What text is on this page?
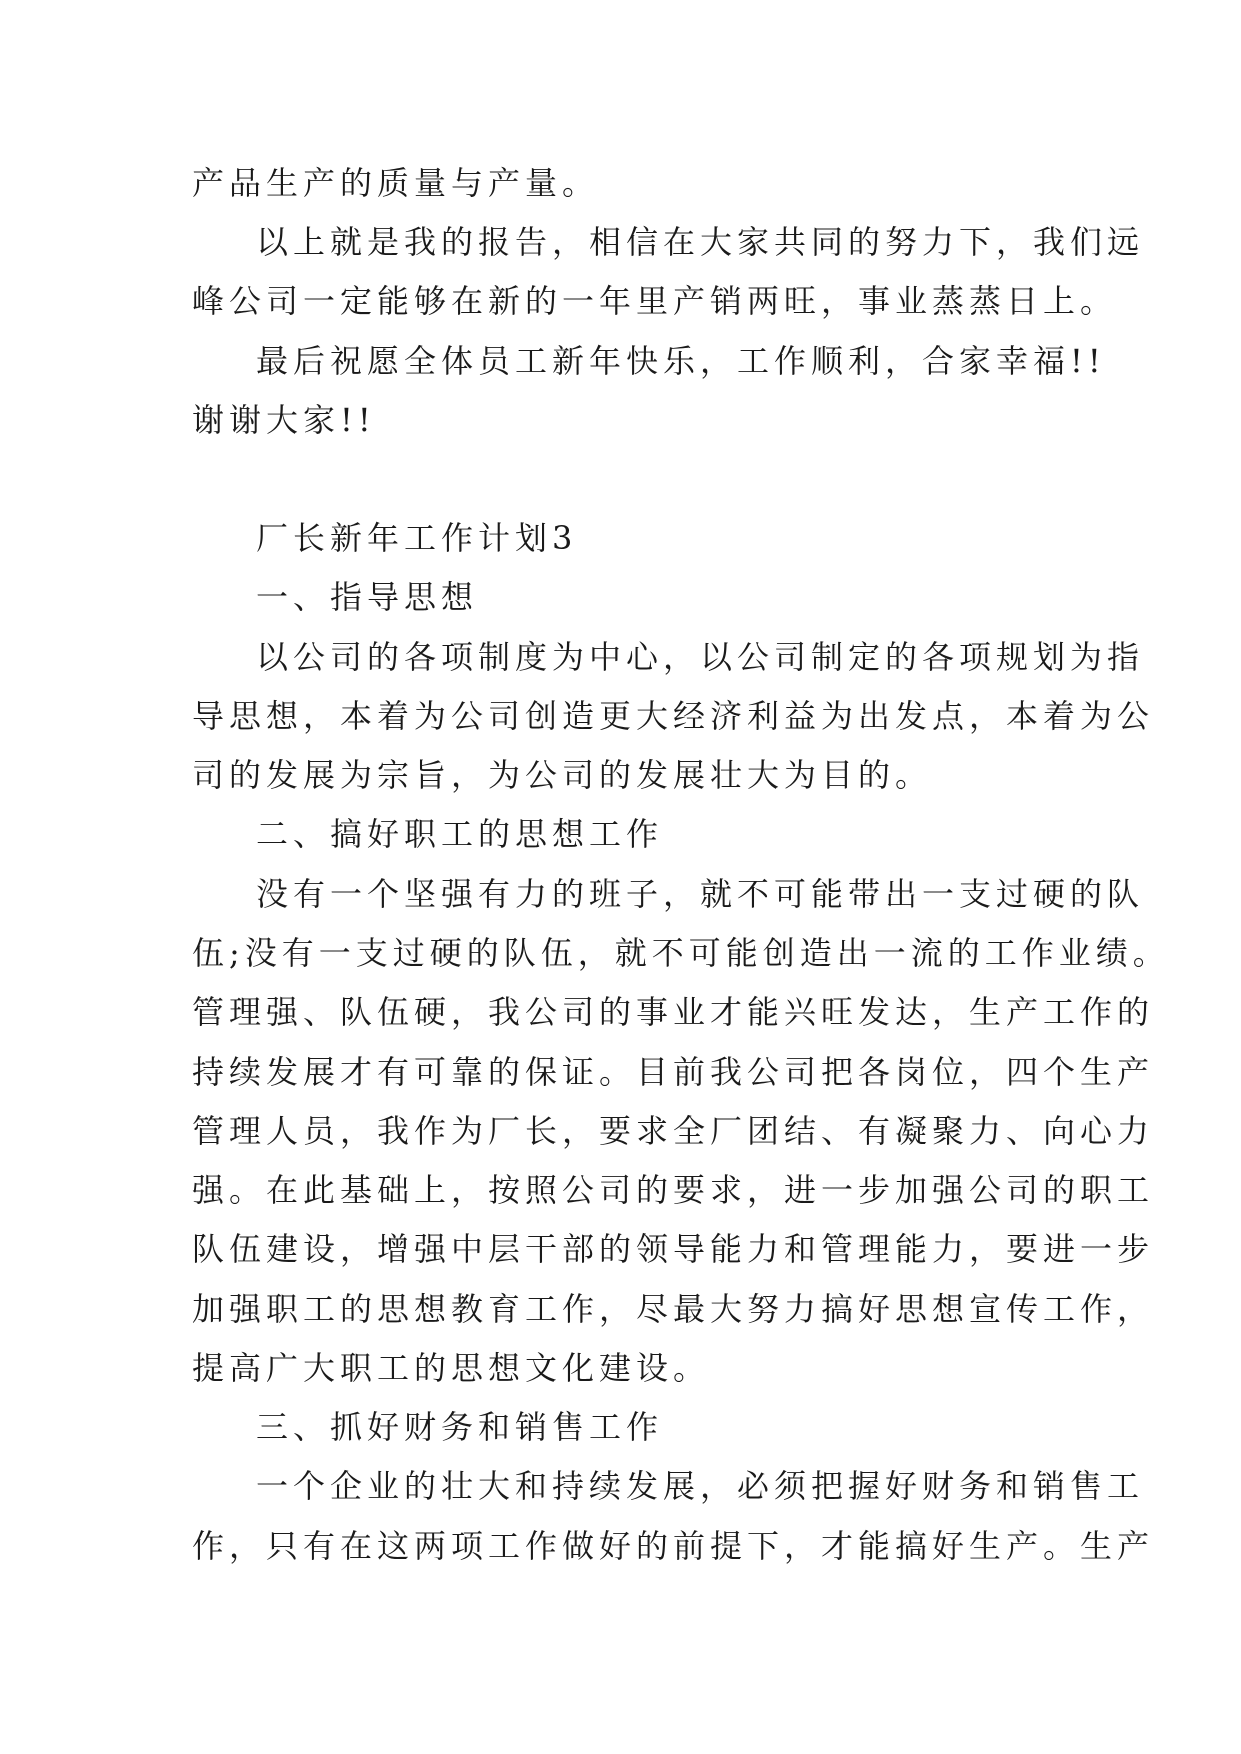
产品生产的质量与产量。
以上就是我的报告，相信在大家共同的努力下，我们远
峰公司一定能够在新的一年里产销两旺，事业蒸蒸日上。
最后祝愿全体员工新年快乐，工作顺利，合家幸福!!
谢谢大家!!
厂长新年工作计划3
一、指导思想
以公司的各项制度为中心，以公司制定的各项规划为指
导思想，本着为公司创造更大经济利益为出发点，本着为公
司的发展为宗旨，为公司的发展壮大为目的。
二、搞好职工的思想工作
没有一个坚强有力的班子，就不可能带出一支过硬的队
伍;没有一支过硬的队伍，就不可能创造出一流的工作业绩。
管理强、队伍硬，我公司的事业才能兴旺发达，生产工作的
持续发展才有可靠的保证。目前我公司把各岗位，四个生产
管理人员，我作为厂长，要求全厂团结、有凝聚力、向心力
强。在此基础上，按照公司的要求，进一步加强公司的职工
队伍建设，增强中层干部的领导能力和管理能力，要进一步
加强职工的思想教育工作，尽最大努力搞好思想宣传工作，
提高广大职工的思想文化建设。
三、抓好财务和销售工作
一个企业的壮大和持续发展，必须把握好财务和销售工
作，只有在这两项工作做好的前提下，才能搞好生产。生产
